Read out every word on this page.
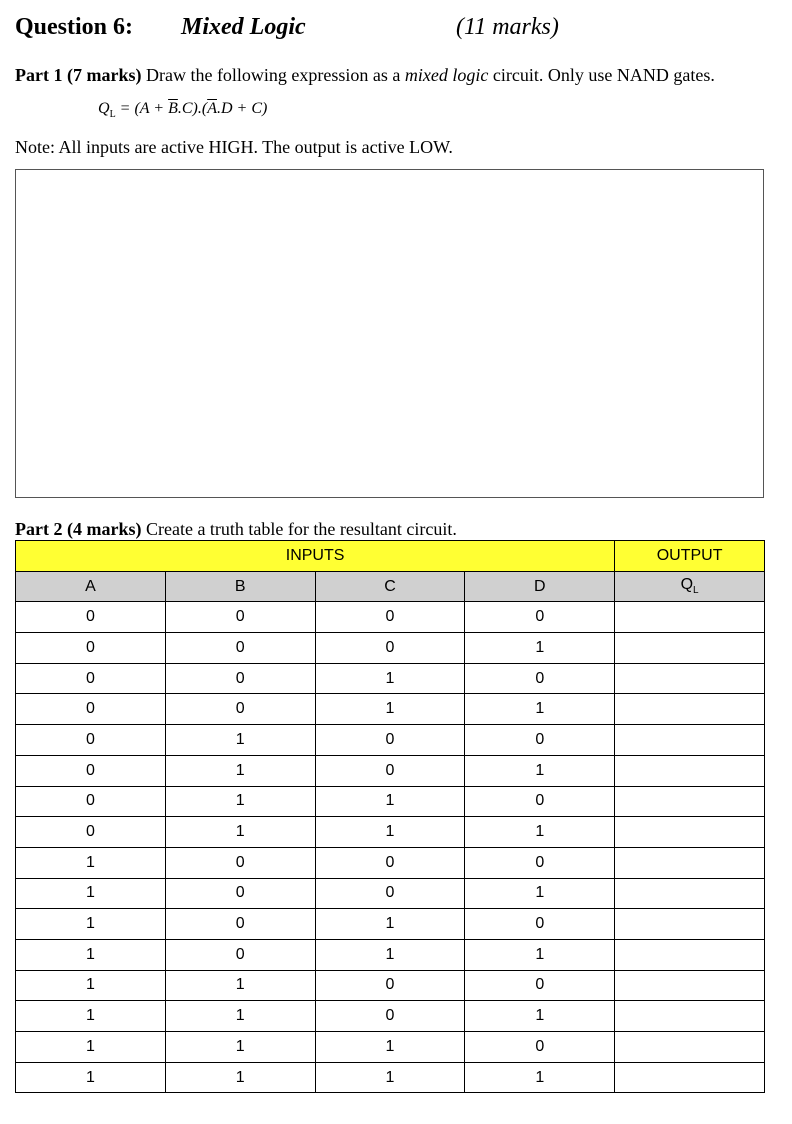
Question 6: Mixed Logic	(11 marks)
Part 1 (7 marks) Draw the following expression as a mixed logic circuit. Only use NAND gates.
$Q_L = (A + \overline{B}.C).(\overline{A}.D + C)$
Note: All inputs are active HIGH. The output is active LOW.
Part 2 (4 marks) Create a truth table for the resultant circuit.
INPUTS				OUTPUT
A	B	C	D	$Q_L$
0	0	0	0	
0	0	0	1	
0	0	1	0	
0	0	1	1	
0	1	0	0	
0	1	0	1	
0	1	1	0	
0	1	1	1	
1	0	0	0	
1	0	0	1	
1	0	1	0	
1	0	1	1	
1	1	0	0	
1	1	0	1	
1	1	1	0	
1	1	1	1	
